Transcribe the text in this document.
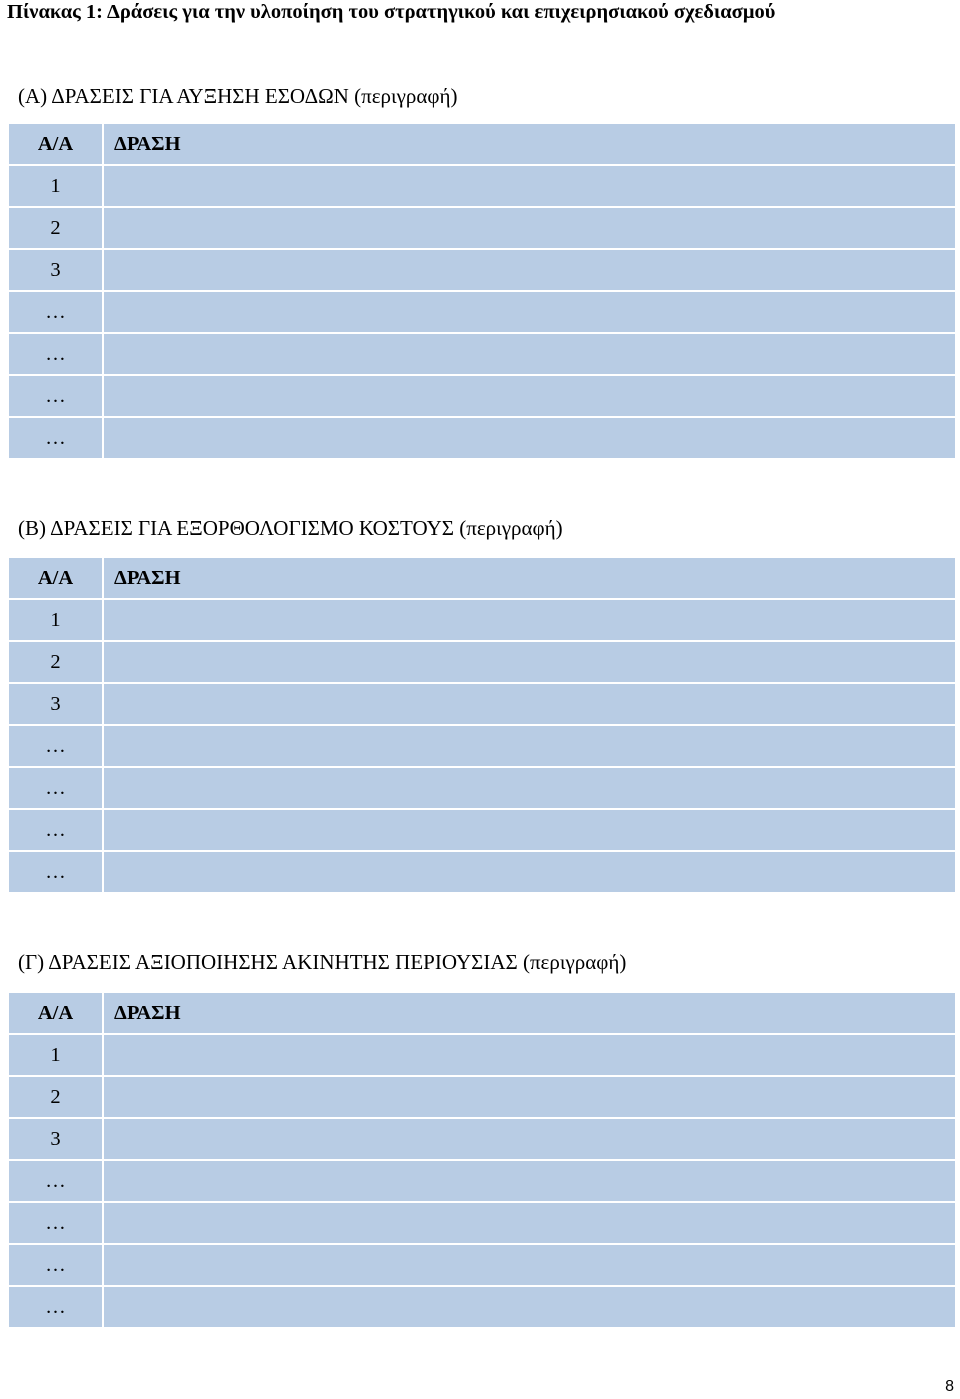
Πίνακας 1: Δράσεις για την υλοποίηση του στρατηγικού και επιχειρησιακού σχεδιασμού
(Α) ΔΡΑΣΕΙΣ ΓΙΑ ΑΥΞΗΣΗ ΕΣΟΔΩΝ (περιγραφή)
Α/Α	ΔΡΑΣΗ
1	
2	
3	
…	
…	
…	
…	
(Β) ΔΡΑΣΕΙΣ ΓΙΑ ΕΞΟΡΘΟΛΟΓΙΣΜΟ ΚΟΣΤΟΥΣ (περιγραφή)
Α/Α	ΔΡΑΣΗ
1	
2	
3	
…	
…	
…	
…	
(Γ) ΔΡΑΣΕΙΣ ΑΞΙΟΠΟΙΗΣΗΣ ΑΚΙΝΗΤΗΣ ΠΕΡΙΟΥΣΙΑΣ (περιγραφή)
Α/Α	ΔΡΑΣΗ
1	
2	
3	
…	
…	
…	
…	
8
